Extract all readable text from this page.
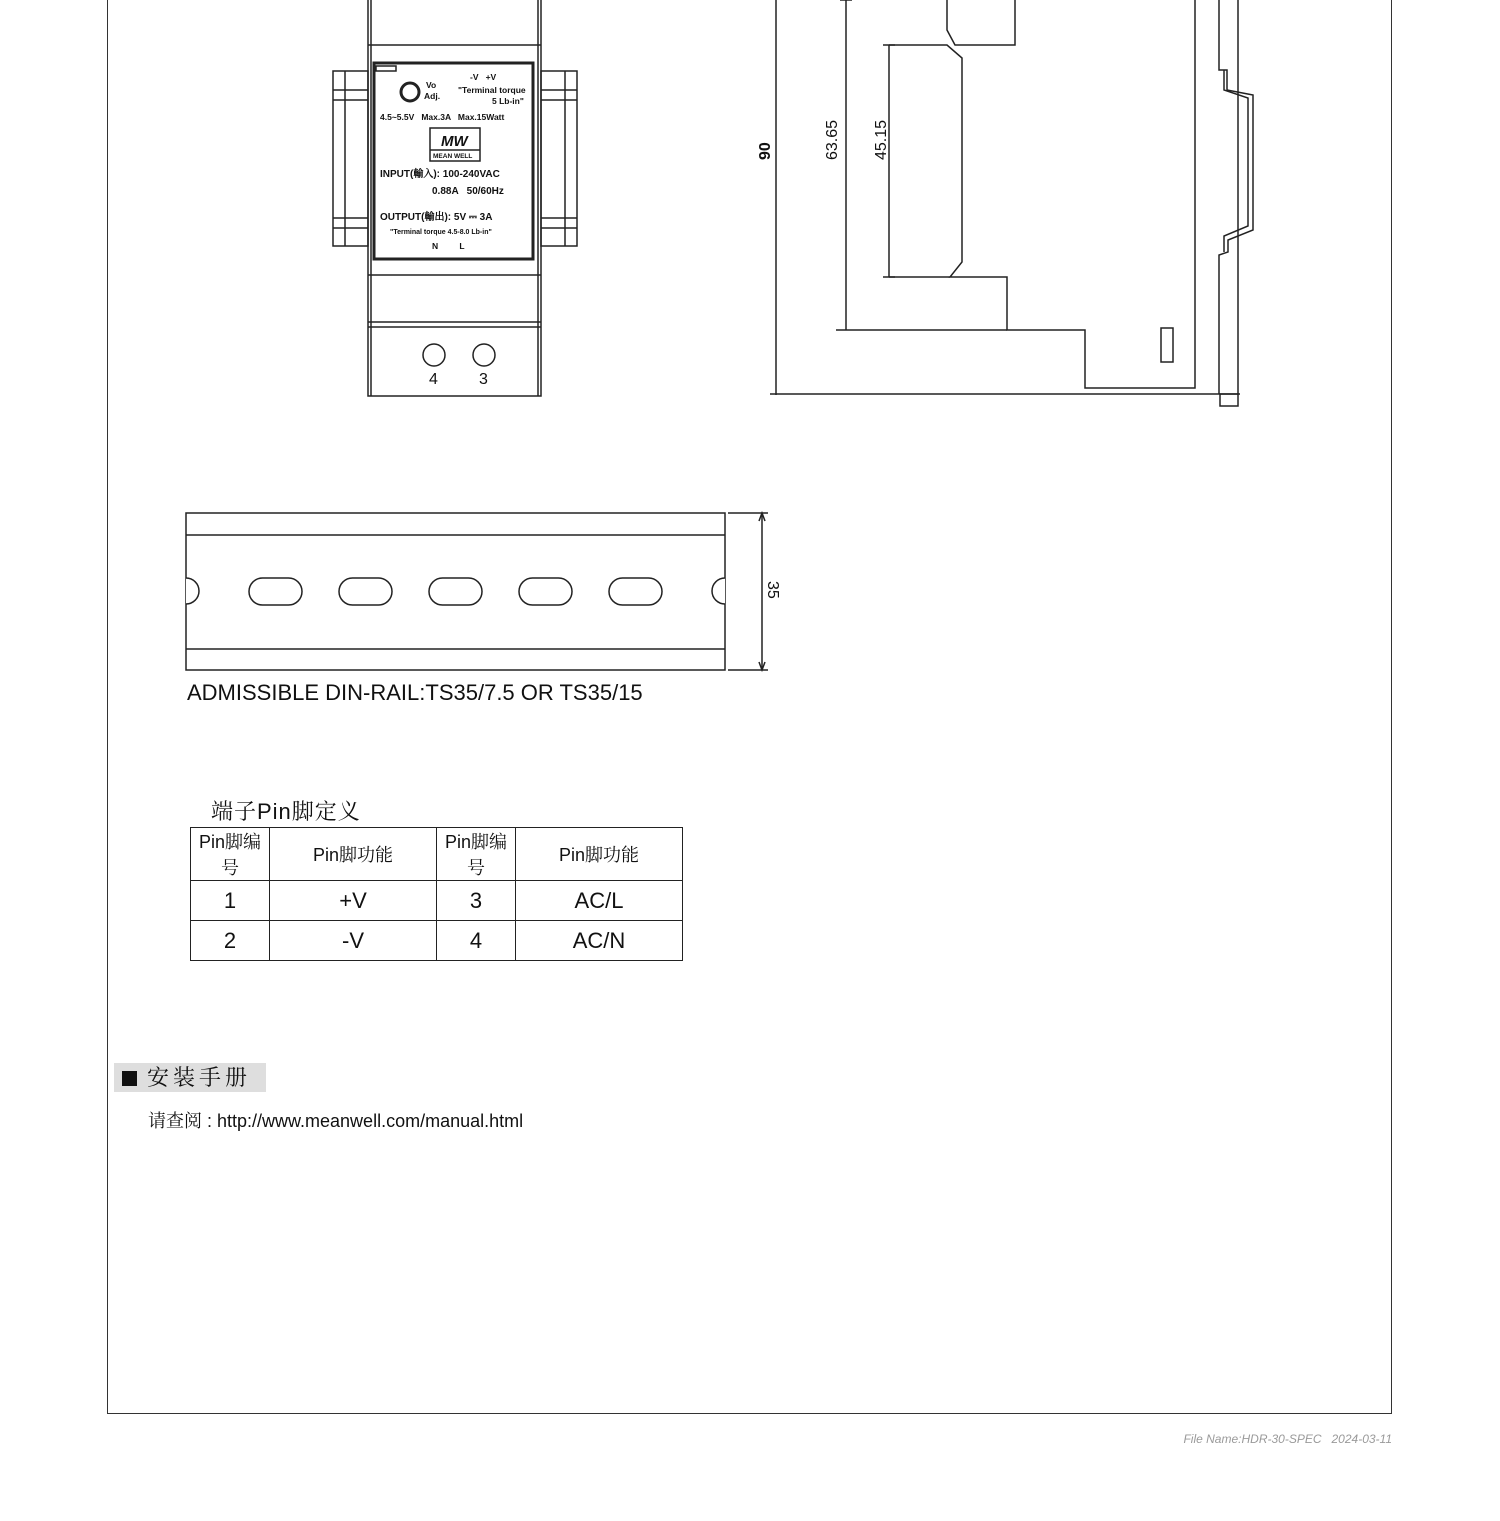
Vo
Adj.
-V   +V
"Terminal torque
5 Lb-in"
4.5~5.5V   Max.3A   Max.15Watt
MW
MEAN WELL
INPUT(輸入): 100-240VAC
0.88A   50/60Hz
OUTPUT(輸出): 5V ⎓ 3A
"Terminal torque 4.5-8.0 Lb-in"
N         L
4	3
90	63.65 45.15
35
ADMISSIBLE DIN-RAIL:TS35/7.5 OR TS35/15
端子Pin脚定义
Pin脚编号	Pin脚功能	Pin脚编号	Pin脚功能
1	+V	3	AC/L
2	-V	4	AC/N
安装手册
请查阅 : http://www.meanwell.com/manual.html
File Name:HDR-30-SPEC 2024-03-11
